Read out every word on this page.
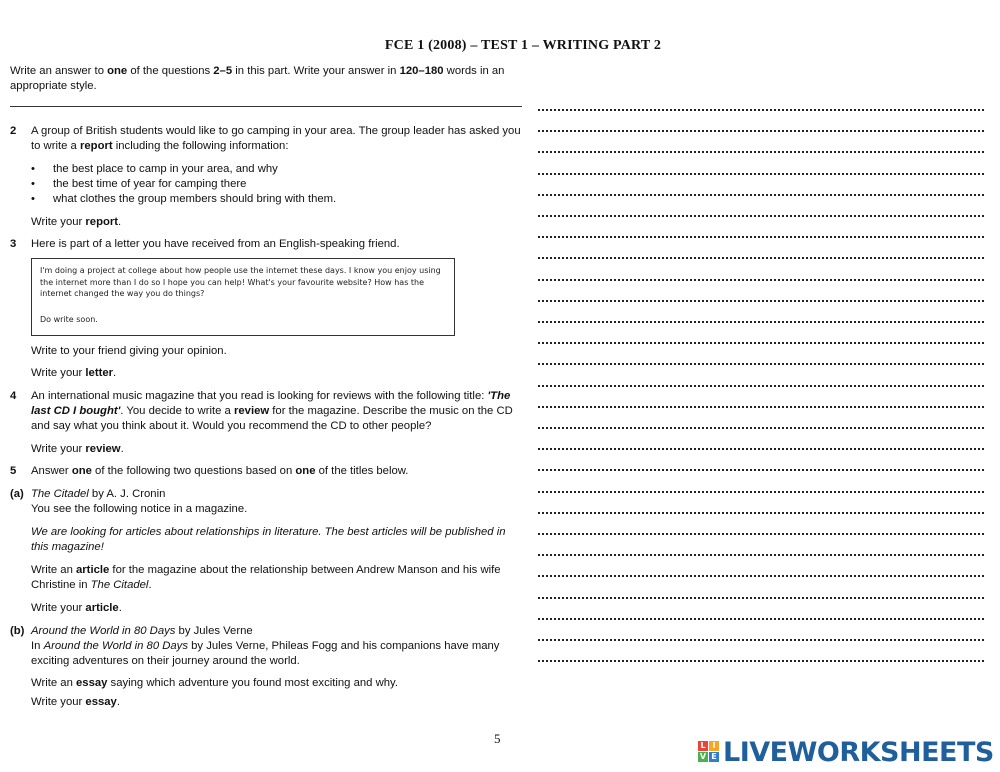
FCE 1 (2008) – TEST 1 – WRITING PART 2
Write an answer to one of the questions 2–5 in this part. Write your answer in 120–180 words in an appropriate style.
2 A group of British students would like to go camping in your area. The group leader has asked you to write a report including the following information:
• the best place to camp in your area, and why
• the best time of year for camping there
• what clothes the group members should bring with them.
Write your report.
3 Here is part of a letter you have received from an English-speaking friend.
I'm doing a project at college about how people use the internet these days. I know you enjoy using the internet more than I do so I hope you can help! What's your favourite website? How has the internet changed the way you do things?
Do write soon.
Write to your friend giving your opinion.
Write your letter.
4 An international music magazine that you read is looking for reviews with the following title: 'The last CD I bought'. You decide to write a review for the magazine. Describe the music on the CD and say what you think about it. Would you recommend the CD to other people?
Write your review.
5 Answer one of the following two questions based on one of the titles below.
(a) The Citadel by A. J. Cronin
You see the following notice in a magazine.
We are looking for articles about relationships in literature. The best articles will be published in this magazine!
Write an article for the magazine about the relationship between Andrew Manson and his wife Christine in The Citadel.
Write your article.
(b) Around the World in 80 Days by Jules Verne
In Around the World in 80 Days by Jules Verne, Phileas Fogg and his companions have many exciting adventures on their journey around the world.
Write an essay saying which adventure you found most exciting and why.
Write your essay.
5	L I
V E LIVEWORKSHEETS
